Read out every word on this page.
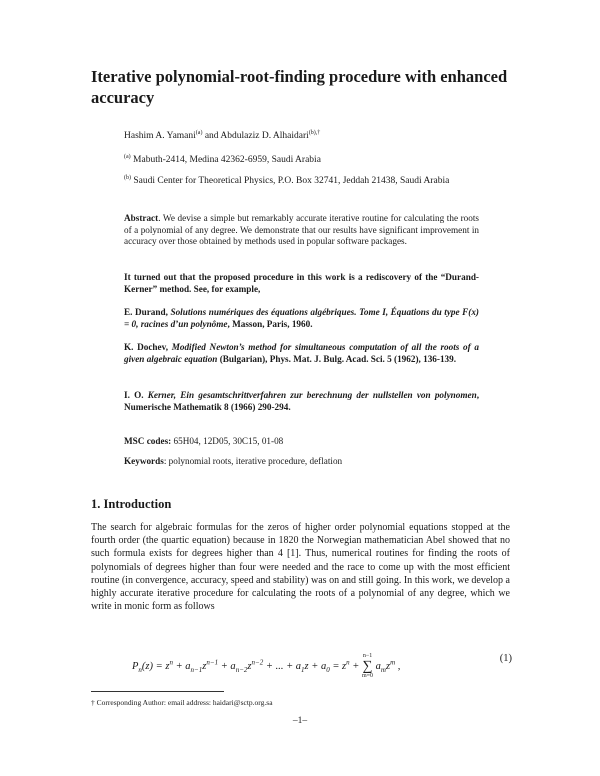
Iterative polynomial-root-finding procedure with enhanced accuracy
Hashim A. Yamani$^{(a)}$ and Abdulaziz D. Alhaidari$^{(b),\dagger}$
$^{(a)}$ Mabuth-2414, Medina 42362-6959, Saudi Arabia
$^{(b)}$ Saudi Center for Theoretical Physics, P.O. Box 32741, Jeddah 21438, Saudi Arabia
Abstract. We devise a simple but remarkably accurate iterative routine for calculating the roots of a polynomial of any degree. We demonstrate that our results have significant improvement in accuracy over those obtained by methods used in popular software packages.
It turned out that the proposed procedure in this work is a rediscovery of the “Durand-Kerner” method. See, for example,
E. Durand, Solutions numériques des équations algébriques. Tome I, Équations du type F(x) = 0, racines d’un polynôme, Masson, Paris, 1960.
K. Dochev, Modified Newton’s method for simultaneous computation of all the roots of a given algebraic equation (Bulgarian), Phys. Mat. J. Bulg. Acad. Sci. 5 (1962), 136-139.
I. O. Kerner, Ein gesamtschrittverfahren zur berechnung der nullstellen von polynomen, Numerische Mathematik 8 (1966) 290-294.
MSC codes: 65H04, 12D05, 30C15, 01-08
Keywords: polynomial roots, iterative procedure, deflation
1. Introduction
The search for algebraic formulas for the zeros of higher order polynomial equations stopped at the fourth order (the quartic equation) because in 1820 the Norwegian mathematician Abel showed that no such formula exists for degrees higher than 4 [1]. Thus, numerical routines for finding the roots of polynomials of degrees higher than four were needed and the race to come up with the most efficient routine (in convergence, accuracy, speed and stability) was on and still going. In this work, we develop a highly accurate iterative procedure for calculating the roots of a polynomial of any degree, which we write in monic form as follows
$P_n(z) = z^n + a_{n-1}z^{n-1} + a_{n-2}z^{n-2}$ + ... + $a_1z + a_0 = z^n$ +
n−1
∑
m=0
$a_mz^m$ ,
(1)
† Corresponding Author: email address: haidari@sctp.org.sa
–1–
